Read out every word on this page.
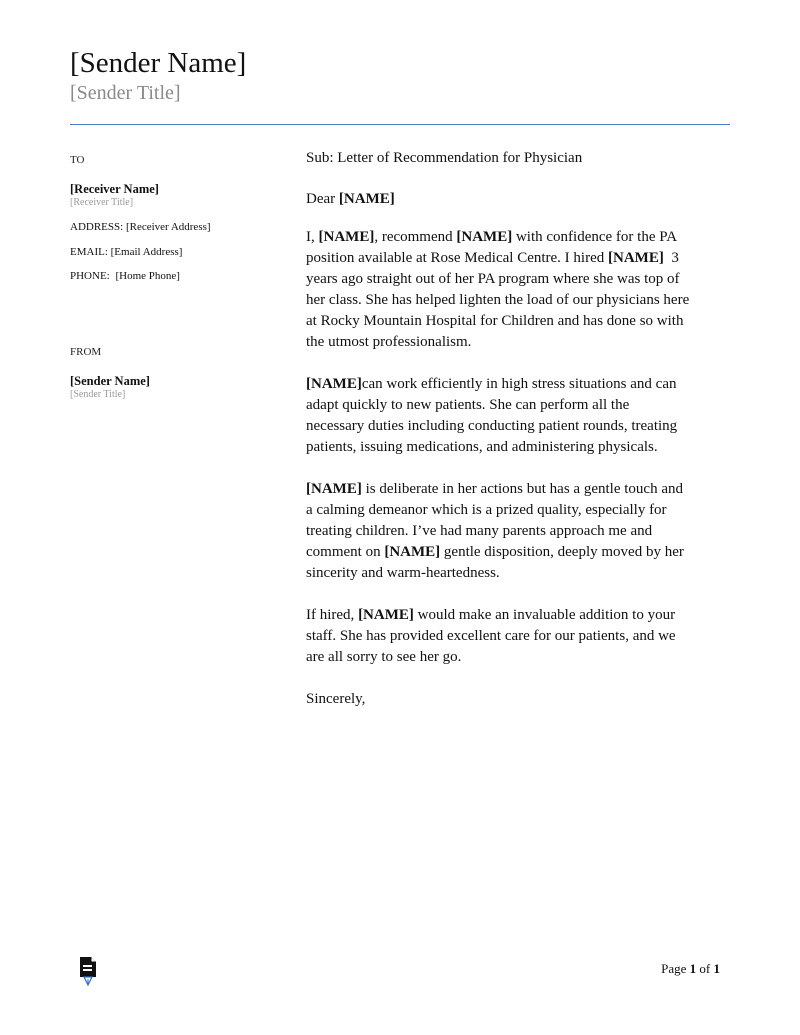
[Sender Name]
[Sender Title]
TO
[Receiver Name]
[Receiver Title]
ADDRESS: [Receiver Address]
EMAIL: [Email Address]
PHONE: [Home Phone]
FROM
[Sender Name]
[Sender Title]

Sub: Letter of Recommendation for Physician

Dear [NAME]

I, [NAME], recommend [NAME] with confidence for the PA
position available at Rose Medical Centre. I hired [NAME]  3
years ago straight out of her PA program where she was top of
her class. She has helped lighten the load of our physicians here
at Rocky Mountain Hospital for Children and has done so with
the utmost professionalism.

[NAME]can work efficiently in high stress situations and can
adapt quickly to new patients. She can perform all the
necessary duties including conducting patient rounds, treating
patients, issuing medications, and administering physicals.

[NAME] is deliberate in her actions but has a gentle touch and
a calming demeanor which is a prized quality, especially for
treating children. I’ve had many parents approach me and
comment on [NAME] gentle disposition, deeply moved by her
sincerity and warm-heartedness.

If hired, [NAME] would make an invaluable addition to your
staff. She has provided excellent care for our patients, and we
are all sorry to see her go.

Sincerely,

Page 1 of 1
